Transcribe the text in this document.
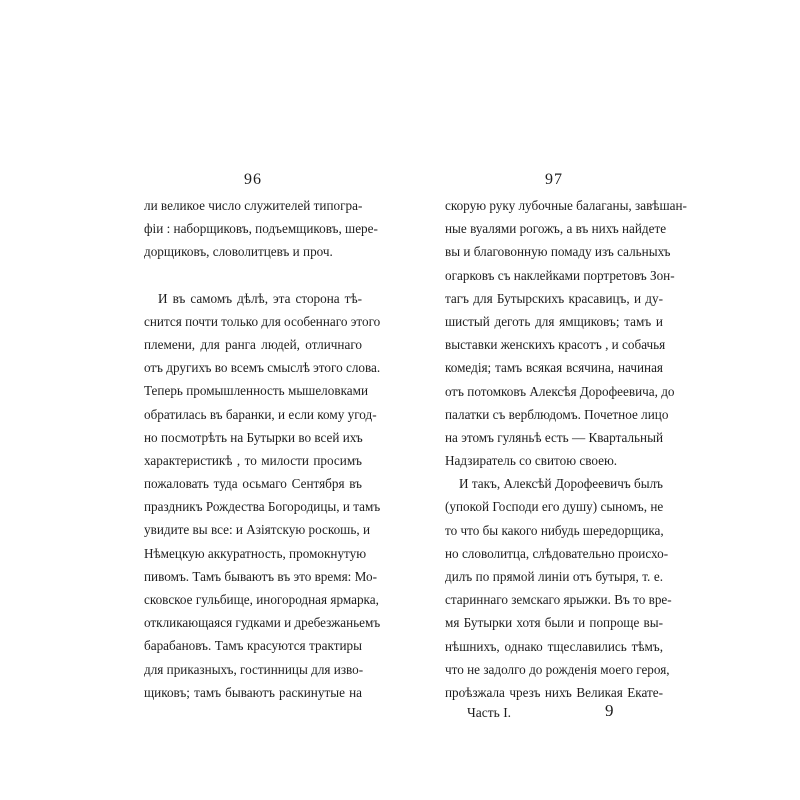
96
ли великое число служителей типогра-
фіи : наборщиковъ, подъемщиковъ, шере-
дорщиковъ, словолитцевъ и проч.
И въ самомъ дѣлѣ, эта сторона тѣ-
снится почти только для особеннаго этого
племени, для ранга людей, отличнаго
отъ другихъ во всемъ смыслѣ этого слова.
Теперь промышленность мышеловками
обратилась въ баранки, и если кому угод-
но посмотрѣть на Бутырки во всей ихъ
характеристикѣ , то милости просимъ
пожаловать туда осьмаго Сентября въ
праздникъ Рождества Богородицы, и тамъ
увидите вы все: и Азіятскую роскошь, и
Нѣмецкую аккуратность, промокнутую
пивомъ. Тамъ бываютъ въ это время: Мо-
сковское гульбище, иногородная ярмарка,
откликающаяся гудками и дребезжаньемъ
барабановъ. Тамъ красуются трактиры
для приказныхъ, гостинницы для изво-
щиковъ; тамъ бываютъ раскинутые на
97
скорую руку лубочные балаганы, завѣшан-
ные вуалями рогожъ, а въ нихъ найдете
вы и благовонную помаду изъ сальныхъ
огарковъ съ наклейками портретовъ Зон-
тагъ для Бутырскихъ красавицъ, и ду-
шистый деготь для ямщиковъ; тамъ и
выставки женскихъ красотъ , и собачья
комедія; тамъ всякая всячина, начиная
отъ потомковъ Алексѣя Дорофеевича, до
палатки съ верблюдомъ. Почетное лицо
на этомъ гуляньѣ есть — Квартальный
Надзиратель со свитою своею.
И такъ, Алексѣй Дорофеевичъ былъ
(упокой Господи его душу) сыномъ, не
то что бы какого нибудь шередорщика,
но словолитца, слѣдовательно происхо-
дилъ по прямой линіи отъ бутыря, т. е.
стариннаго земскаго ярыжки. Въ то вре-
мя Бутырки хотя были и попроще вы-
нѣшнихъ, однако тщеславились тѣмъ,
что не задолго до рожденія моего героя,
проѣзжала чрезъ нихъ Великая Екате-
Часть I.	9
